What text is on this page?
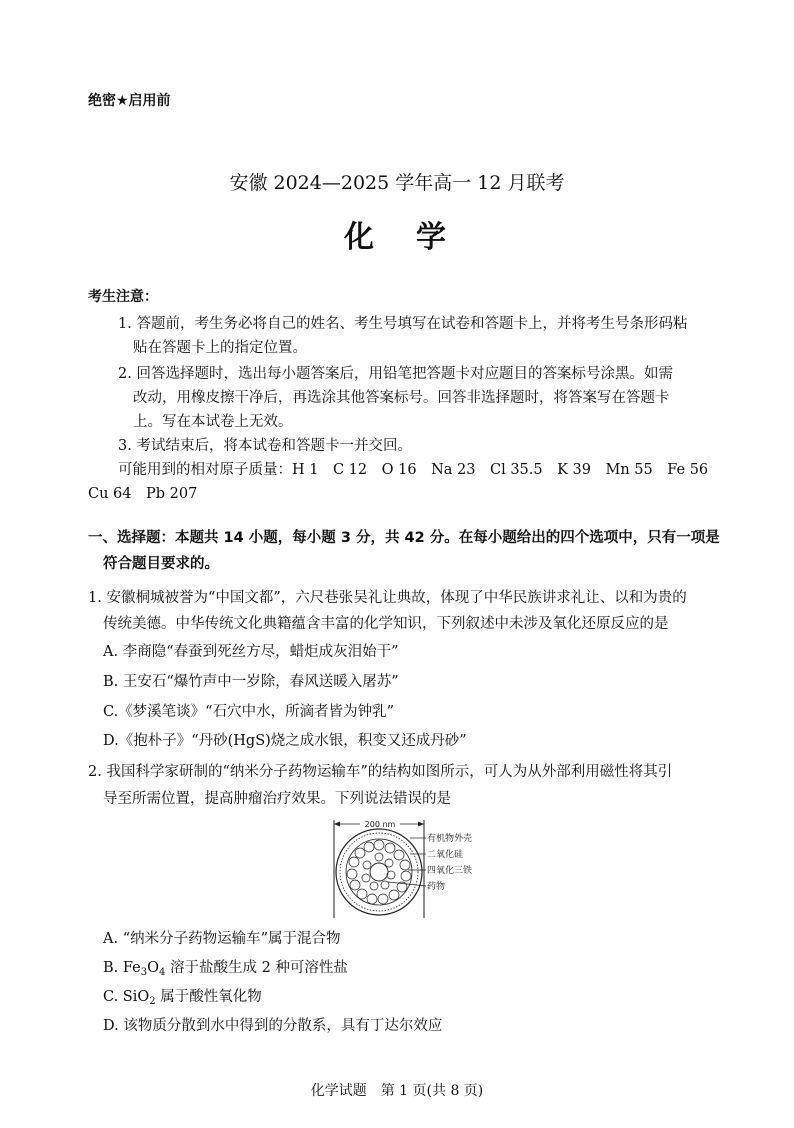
绝密★启用前
安徽 2024—2025 学年高一 12 月联考
化 学
考生注意：
1. 答题前，考生务必将自己的姓名、考生号填写在试卷和答题卡上，并将考生号条形码粘
贴在答题卡上的指定位置。
2. 回答选择题时，选出每小题答案后，用铅笔把答题卡对应题目的答案标号涂黑。如需
改动，用橡皮擦干净后，再选涂其他答案标号。回答非选择题时，将答案写在答题卡
上。写在本试卷上无效。
3. 考试结束后，将本试卷和答题卡一并交回。
可能用到的相对原子质量：H 1　C 12　O 16　Na 23　Cl 35.5　K 39　Mn 55　Fe 56
Cu 64　Pb 207
一、选择题：本题共 14 小题，每小题 3 分，共 42 分。在每小题给出的四个选项中，只有一项是
符合题目要求的。
1. 安徽桐城被誉为“中国文都”，六尺巷张吴礼让典故，体现了中华民族讲求礼让、以和为贵的
传统美德。中华传统文化典籍蕴含丰富的化学知识，下列叙述中未涉及氧化还原反应的是
A. 李商隐“春蚕到死丝方尽，蜡炬成灰泪始干”
B. 王安石“爆竹声中一岁除，春风送暖入屠苏”
C.《梦溪笔谈》“石穴中水，所滴者皆为钟乳”
D.《抱朴子》“丹砂(HgS)烧之成水银，积变又还成丹砂”
2. 我国科学家研制的“纳米分子药物运输车”的结构如图所示，可人为从外部利用磁性将其引
导至所需位置，提高肿瘤治疗效果。下列说法错误的是
200 nm
有机物外壳
二氧化硅
四氧化三铁
药物
A. “纳米分子药物运输车”属于混合物
B. $Fe_3O_4$ 溶于盐酸生成 2 种可溶性盐
C. SiO$_2$ 属于酸性氧化物
D. 该物质分散到水中得到的分散系，具有丁达尔效应
化学试题　第 1 页(共 8 页)
